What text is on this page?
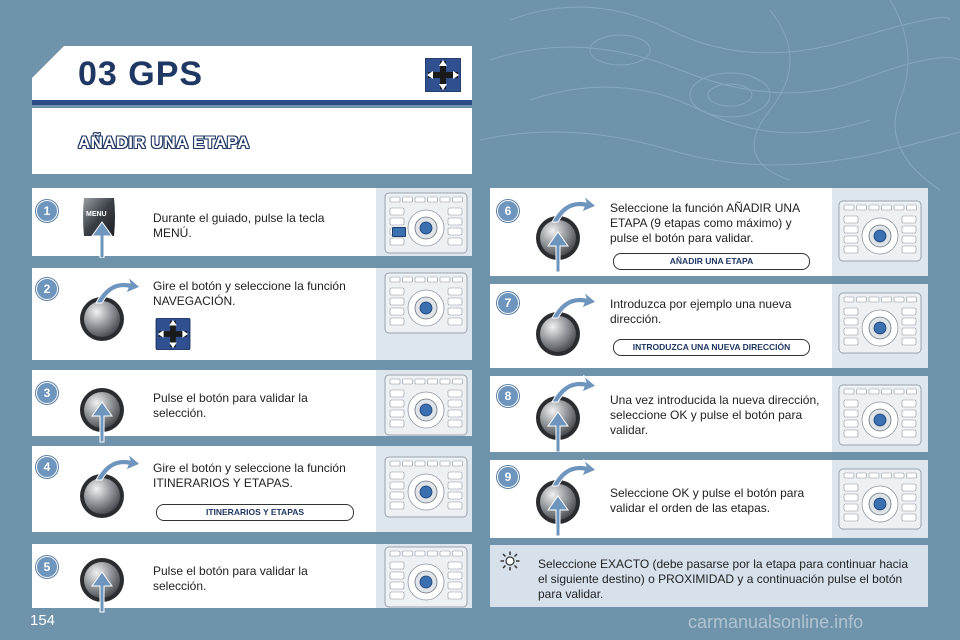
03 GPS
AÑADIR UNA ETAPA
1
2
3
4
5
6
7
8
9
Durante el guiado, pulse la tecla MENÚ.
Gire el botón y seleccione la función NAVEGACIÓN.
Pulse el botón para validar la selección.
Gire el botón y seleccione la función ITINERARIOS Y ETAPAS.
Pulse el botón para validar la selección.
Seleccione la función AÑADIR UNA ETAPA (9 etapas como máximo) y pulse el botón para validar.
Introduzca por ejemplo una nueva dirección.
Una vez introducida la nueva dirección, seleccione OK y pulse el botón para validar.
Seleccione OK y pulse el botón para validar el orden de las etapas.
ITINERARIOS Y ETAPAS
AÑADIR UNA ETAPA
INTRODUZCA UNA NUEVA DIRECCIÓN
MENU
Seleccione EXACTO (debe pasarse por la etapa para continuar hacia el siguiente destino) o PROXIMIDAD y a continuación pulse el botón para validar.
154	carmanualsonline.info
